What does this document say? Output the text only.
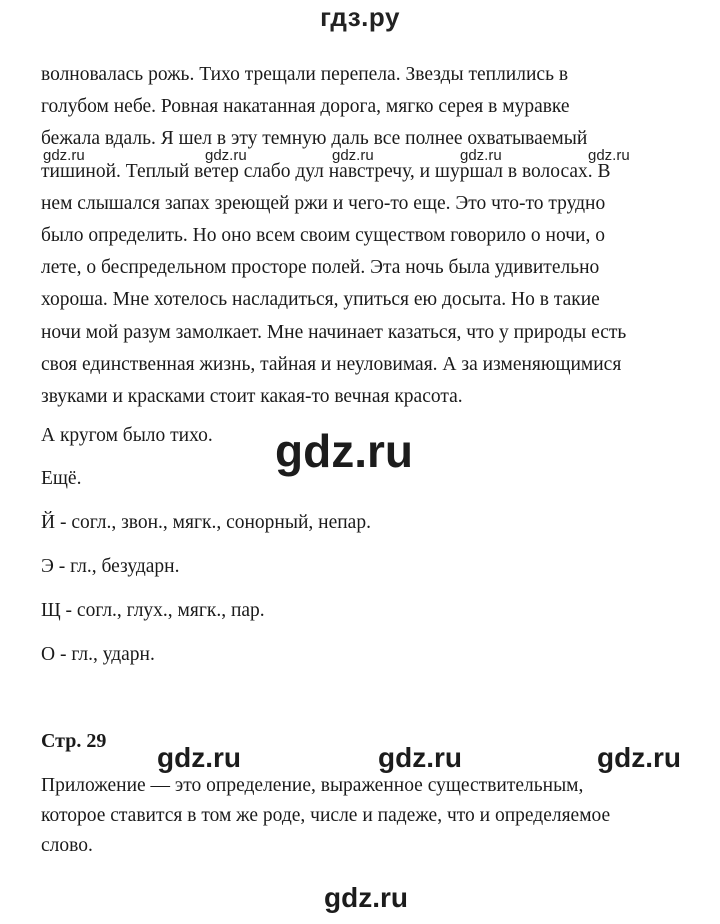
гдз.ру
волновалась рожь. Тихо трещали перепела. Звезды теплились в
голубом небе. Ровная накатанная дорога, мягко серея в муравке
бежала вдаль. Я шел в эту темную даль все полнее охватываемый
тишиной. Теплый ветер слабо дул навстречу, и шуршал в волосах. В
нем слышался запах зреющей ржи и чего-то еще. Это что-то трудно
было определить. Но оно всем своим существом говорило о ночи, о
лете, о беспредельном просторе полей. Эта ночь была удивительно
хороша. Мне хотелось насладиться, упиться ею досыта. Но в такие
ночи мой разум замолкает. Мне начинает казаться, что у природы есть
своя единственная жизнь, тайная и неуловимая. А за изменяющимися
звуками и красками стоит какая-то вечная красота.
gdz.ru	gdz.ru	gdz.ru	gdz.ru	gdz.ru
А кругом было тихо. gdz.ru
Ещё.
Й - согл., звон., мягк., сонорный, непар.
Э - гл., безударн.
Щ - согл., глух., мягк., пар.
О - гл., ударн.
Стр. 29
gdz.ru	gdz.ru	gdz.ru
Приложение — это определение, выраженное существительным,
которое ставится в том же роде, числе и падеже, что и определяемое
слово.
gdz.ru
